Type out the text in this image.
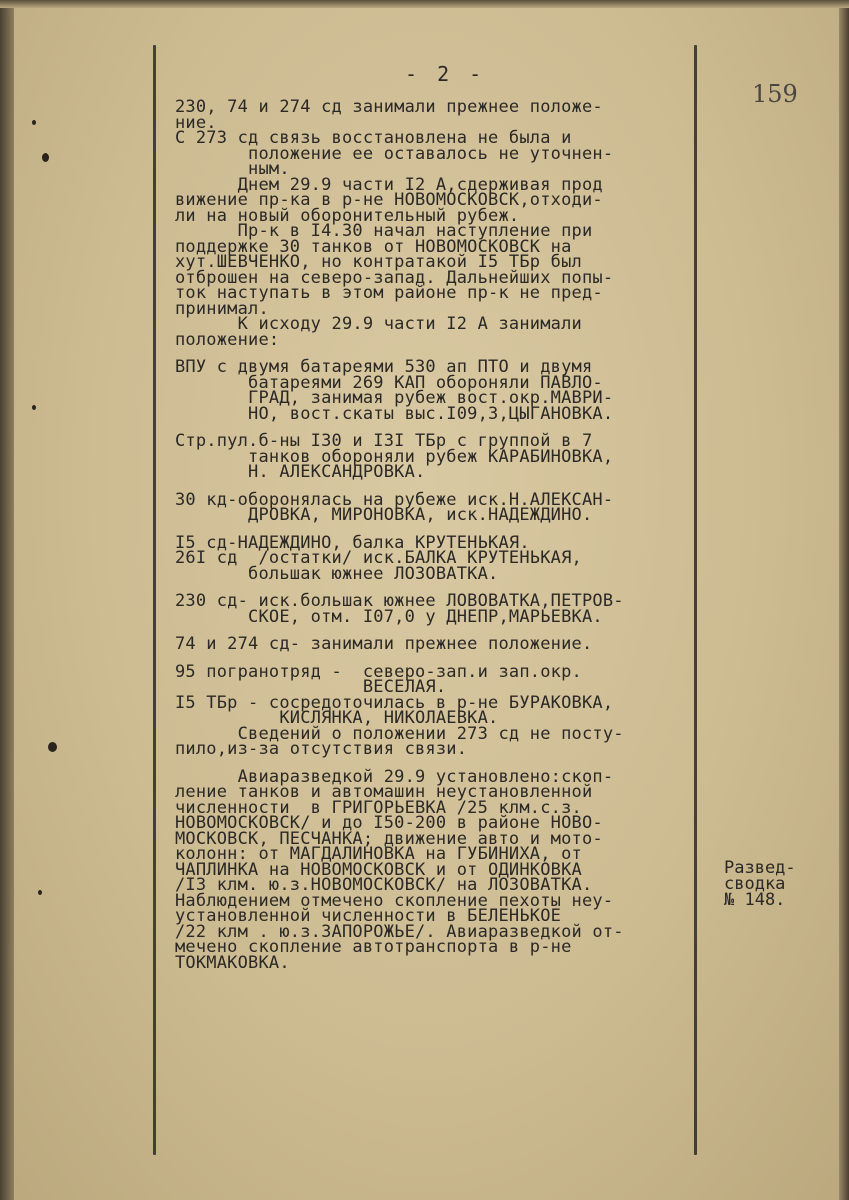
- 2 -
159
Развед-
сводка
№ 148.
230, 74 и 274 сд занимали прежнее положе-
ние.
С 273 сд связь восстановлена не была и
положение ее оставалось не уточнен-
ным.
Днем 29.9 части I2 А,сдерживая прод
вижение пр-ка в р-не НОВОМОСКОВСК,отходи-
ли на новый оборонительный рубеж.
Пр-к в I4.30 начал наступление при
поддержке 30 танков от НОВОМОСКОВСК на
хут.ШЕВЧЕНКО, но контратакой I5 ТБр был
отброшен на северо-запад. Дальнейших попы-
ток наступать в этом районе пр-к не пред-
принимал.
К исходу 29.9 части I2 А занимали
положение:
ВПУ с двумя батареями 530 ап ПТО и двумя
батареями 269 КАП обороняли ПАВЛО-
ГРАД, занимая рубеж вост.окр.МАВРИ-
НО, вост.скаты выс.I09,3,ЦЫГАНОВКА.
Стр.пул.б-ны I30 и I3I ТБр с группой в 7
танков обороняли рубеж КАРАБИНОВКА,
Н. АЛЕКСАНДРОВКА.
30 кд-оборонялась на рубеже иск.Н.АЛЕКСАН-
ДРОВКА, МИРОНОВКА, иск.НАДЕЖДИНО.
I5 сд-НАДЕЖДИНО, балка КРУТЕНЬКАЯ.
26I сд  /остатки/ иск.БАЛКА КРУТЕНЬКАЯ,
большак южнее ЛОЗОВАТКА.
230 сд- иск.большак южнее ЛОВОВАТКА,ПЕТРОВ-
СКОЕ, отм. I07,0 у ДНЕПР,МАРЬЕВКА.
74 и 274 сд- занимали прежнее положение.
95 погранотряд -  северо-зап.и зап.окр.
ВЕСЕЛАЯ.
I5 ТБр - сосредоточилась в р-не БУРАКОВКА,
КИСЛЯНКА, НИКОЛАЕВКА.
Сведений о положении 273 сд не посту-
пило,из-за отсутствия связи.
Авиаразведкой 29.9 установлено:скоп-
ление танков и автомашин неустановленной
численности  в ГРИГОРЬЕВКА /25 клм.с.з.
НОВОМОСКОВСК/ и до I50-200 в районе НОВО-
МОСКОВСК, ПЕСЧАНКА; движение авто и мото-
колонн: от МАГДАЛИНОВКА на ГУБИНИХА, от
ЧАПЛИНКА на НОВОМОСКОВСК и от ОДИНКОВКА
/I3 клм. ю.з.НОВОМОСКОВСК/ на ЛОЗОВАТКА.
Наблюдением отмечено скопление пехоты неу-
установленной численности в БЕЛЕНЬКОЕ
/22 клм . ю.з.ЗАПОРОЖЬЕ/. Авиаразведкой от-
мечено скопление автотранспорта в р-не
ТОКМАКОВКА.
